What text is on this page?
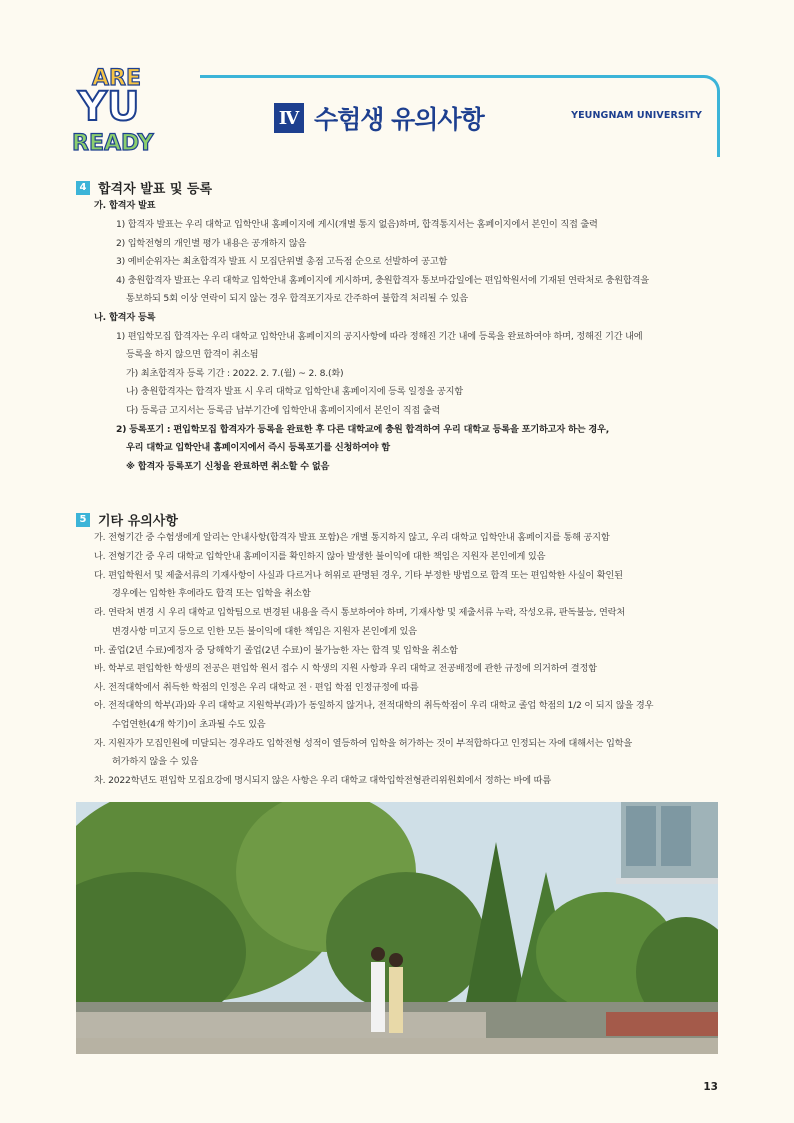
ARE
YU
READY
Ⅳ 수험생 유의사항	YEUNGNAM UNIVERSITY
4 합격자 발표 및 등록
가. 합격자 발표
1) 합격자 발표는 우리 대학교 입학안내 홈페이지에 게시(개별 통지 없음)하며, 합격통지서는 홈페이지에서 본인이 직접 출력
2) 입학전형의 개인별 평가 내용은 공개하지 않음
3) 예비순위자는 최초합격자 발표 시 모집단위별 총점 고득점 순으로 선발하여 공고함
4) 충원합격자 발표는 우리 대학교 입학안내 홈페이지에 게시하며, 충원합격자 통보마감일에는 편입학원서에 기재된 연락처로 충원합격을
통보하되 5회 이상 연락이 되지 않는 경우 합격포기자로 간주하여 불합격 처리될 수 있음
나. 합격자 등록
1) 편입학모집 합격자는 우리 대학교 입학안내 홈페이지의 공지사항에 따라 정해진 기간 내에 등록을 완료하여야 하며, 정해진 기간 내에
등록을 하지 않으면 합격이 취소됨
가) 최초합격자 등록 기간 : 2022. 2. 7.(월) ~ 2. 8.(화)
나) 충원합격자는 합격자 발표 시 우리 대학교 입학안내 홈페이지에 등록 일정을 공지함
다) 등록금 고지서는 등록금 납부기간에 입학안내 홈페이지에서 본인이 직접 출력
2) 등록포기 : 편입학모집 합격자가 등록을 완료한 후 다른 대학교에 충원 합격하여 우리 대학교 등록을 포기하고자 하는 경우,
우리 대학교 입학안내 홈페이지에서 즉시 등록포기를 신청하여야 함
※ 합격자 등록포기 신청을 완료하면 취소할 수 없음
5 기타 유의사항
가. 전형기간 중 수험생에게 알리는 안내사항(합격자 발표 포함)은 개별 통지하지 않고, 우리 대학교 입학안내 홈페이지를 통해 공지함
나. 전형기간 중 우리 대학교 입학안내 홈페이지를 확인하지 않아 발생한 불이익에 대한 책임은 지원자 본인에게 있음
다. 편입학원서 및 제출서류의 기재사항이 사실과 다르거나 허위로 판명된 경우, 기타 부정한 방법으로 합격 또는 편입학한 사실이 확인된
경우에는 입학한 후에라도 합격 또는 입학을 취소함
라. 연락처 변경 시 우리 대학교 입학팀으로 변경된 내용을 즉시 통보하여야 하며, 기재사항 및 제출서류 누락, 작성오류, 판독불능, 연락처
변경사항 미고지 등으로 인한 모든 불이익에 대한 책임은 지원자 본인에게 있음
마. 졸업(2년 수료)예정자 중 당해학기 졸업(2년 수료)이 불가능한 자는 합격 및 입학을 취소함
바. 학부로 편입학한 학생의 전공은 편입학 원서 접수 시 학생의 지원 사항과 우리 대학교 전공배정에 관한 규정에 의거하여 결정함
사. 전적대학에서 취득한 학점의 인정은 우리 대학교 전 · 편입 학점 인정규정에 따름
아. 전적대학의 학부(과)와 우리 대학교 지원학부(과)가 동일하지 않거나, 전적대학의 취득학점이 우리 대학교 졸업 학점의 1/2 이 되지 않을 경우
수업연한(4개 학기)이 초과될 수도 있음
자. 지원자가 모집인원에 미달되는 경우라도 입학전형 성적이 열등하여 입학을 허가하는 것이 부적합하다고 인정되는 자에 대해서는 입학을
허가하지 않을 수 있음
차. 2022학년도 편입학 모집요강에 명시되지 않은 사항은 우리 대학교 대학입학전형관리위원회에서 정하는 바에 따름
13
